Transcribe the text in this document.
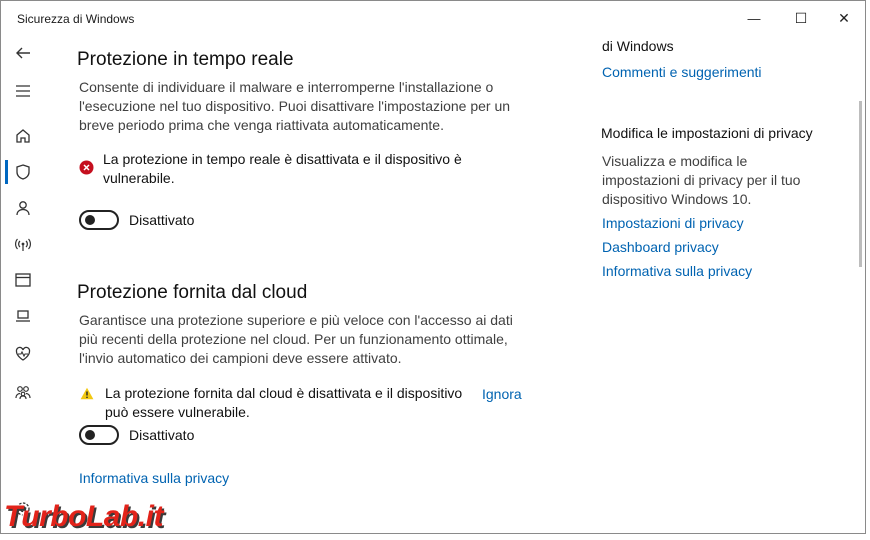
Sicurezza di Windows	— ☐ ✕
Protezione in tempo reale
Consente di individuare il malware e interromperne l'installazione o l'esecuzione nel tuo dispositivo. Puoi disattivare l'impostazione per un breve periodo prima che venga riattivata automaticamente.
La protezione in tempo reale è disattivata e il dispositivo è vulnerabile.
Disattivato
Protezione fornita dal cloud
Garantisce una protezione superiore e più veloce con l'accesso ai dati più recenti della protezione nel cloud. Per un funzionamento ottimale, l'invio automatico dei campioni deve essere attivato.
La protezione fornita dal cloud è disattivata e il dispositivo può essere vulnerabile.
Ignora
Disattivato
Informativa sulla privacy
di Windows
Commenti e suggerimenti
Modifica le impostazioni di privacy
Visualizza e modifica le impostazioni di privacy per il tuo dispositivo Windows 10.
Impostazioni di privacy
Dashboard privacy
Informativa sulla privacy
TurboLab.it
